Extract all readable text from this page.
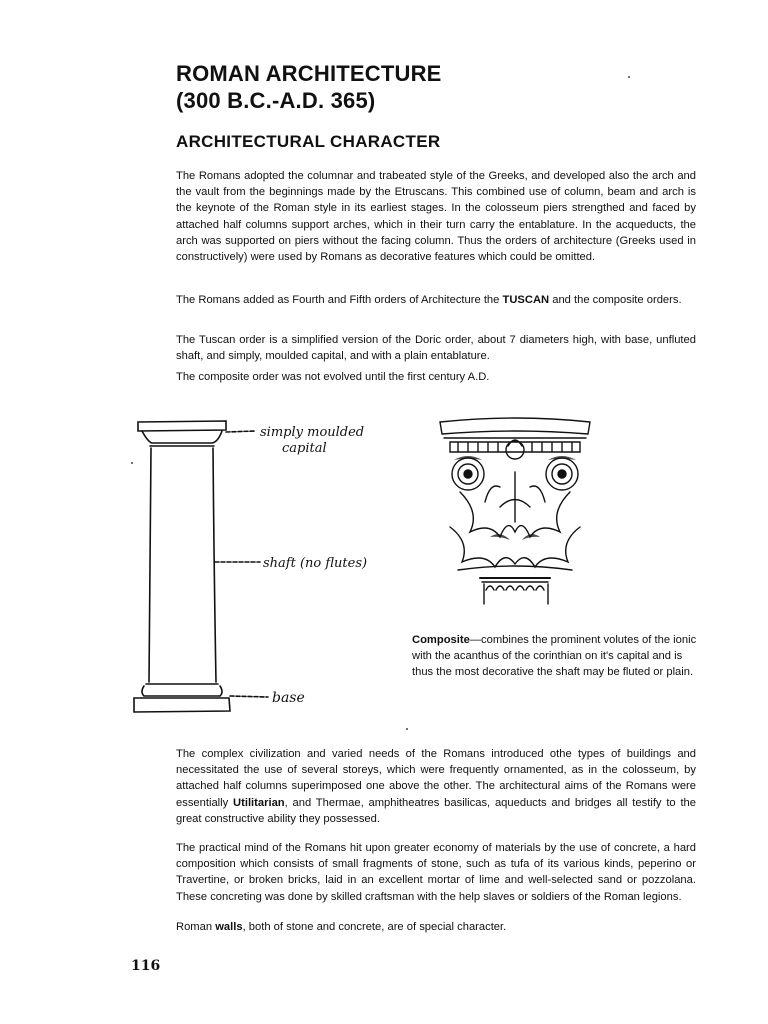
ROMAN ARCHITECTURE
(300 B.C.-A.D. 365)
ARCHITECTURAL CHARACTER

The Romans adopted the columnar and trabeated style of the Greeks, and developed also the arch and the vault from the beginnings made by the Etruscans. This combined use of column, beam and arch is the keynote of the Roman style in its earliest stages. In the colosseum piers strengthed and faced by attached half columns support arches, which in their turn carry the entablature. In the acqueducts, the arch was supported on piers without the facing column. Thus the orders of architecture (Greeks used in constructively) were used by Romans as decorative features which could be omitted.

The Romans added as Fourth and Fifth orders of Architecture the TUSCAN and the composite orders.

The Tuscan order is a simplified version of the Doric order, about 7 diameters high, with base, unfluted shaft, and simply, moulded capital, and with a plain entablature.

The composite order was not evolved until the first century A.D.

simply moulded
capital
shaft (no flutes)
base

Composite—combines the prominent volutes of the ionic with the acanthus of the corinthian on it's capital and is thus the most decorative the shaft may be fluted or plain.

The complex civilization and varied needs of the Romans introduced othe types of buildings and necessitated the use of several storeys, which were frequently ornamented, as in the colosseum, by attached half columns superimposed one above the other. The architectural aims of the Romans were essentially Utilitarian, and Thermae, amphitheatres basilicas, aqueducts and bridges all testify to the great constructive ability they possessed.

The practical mind of the Romans hit upon greater economy of materials by the use of concrete, a hard composition which consists of small fragments of stone, such as tufa of its various kinds, peperino or Travertine, or broken bricks, laid in an excellent mortar of lime and well-selected sand or pozzolana. These concreting was done by skilled craftsman with the help slaves or soldiers of the Roman legions.

Roman walls, both of stone and concrete, are of special character.

116
